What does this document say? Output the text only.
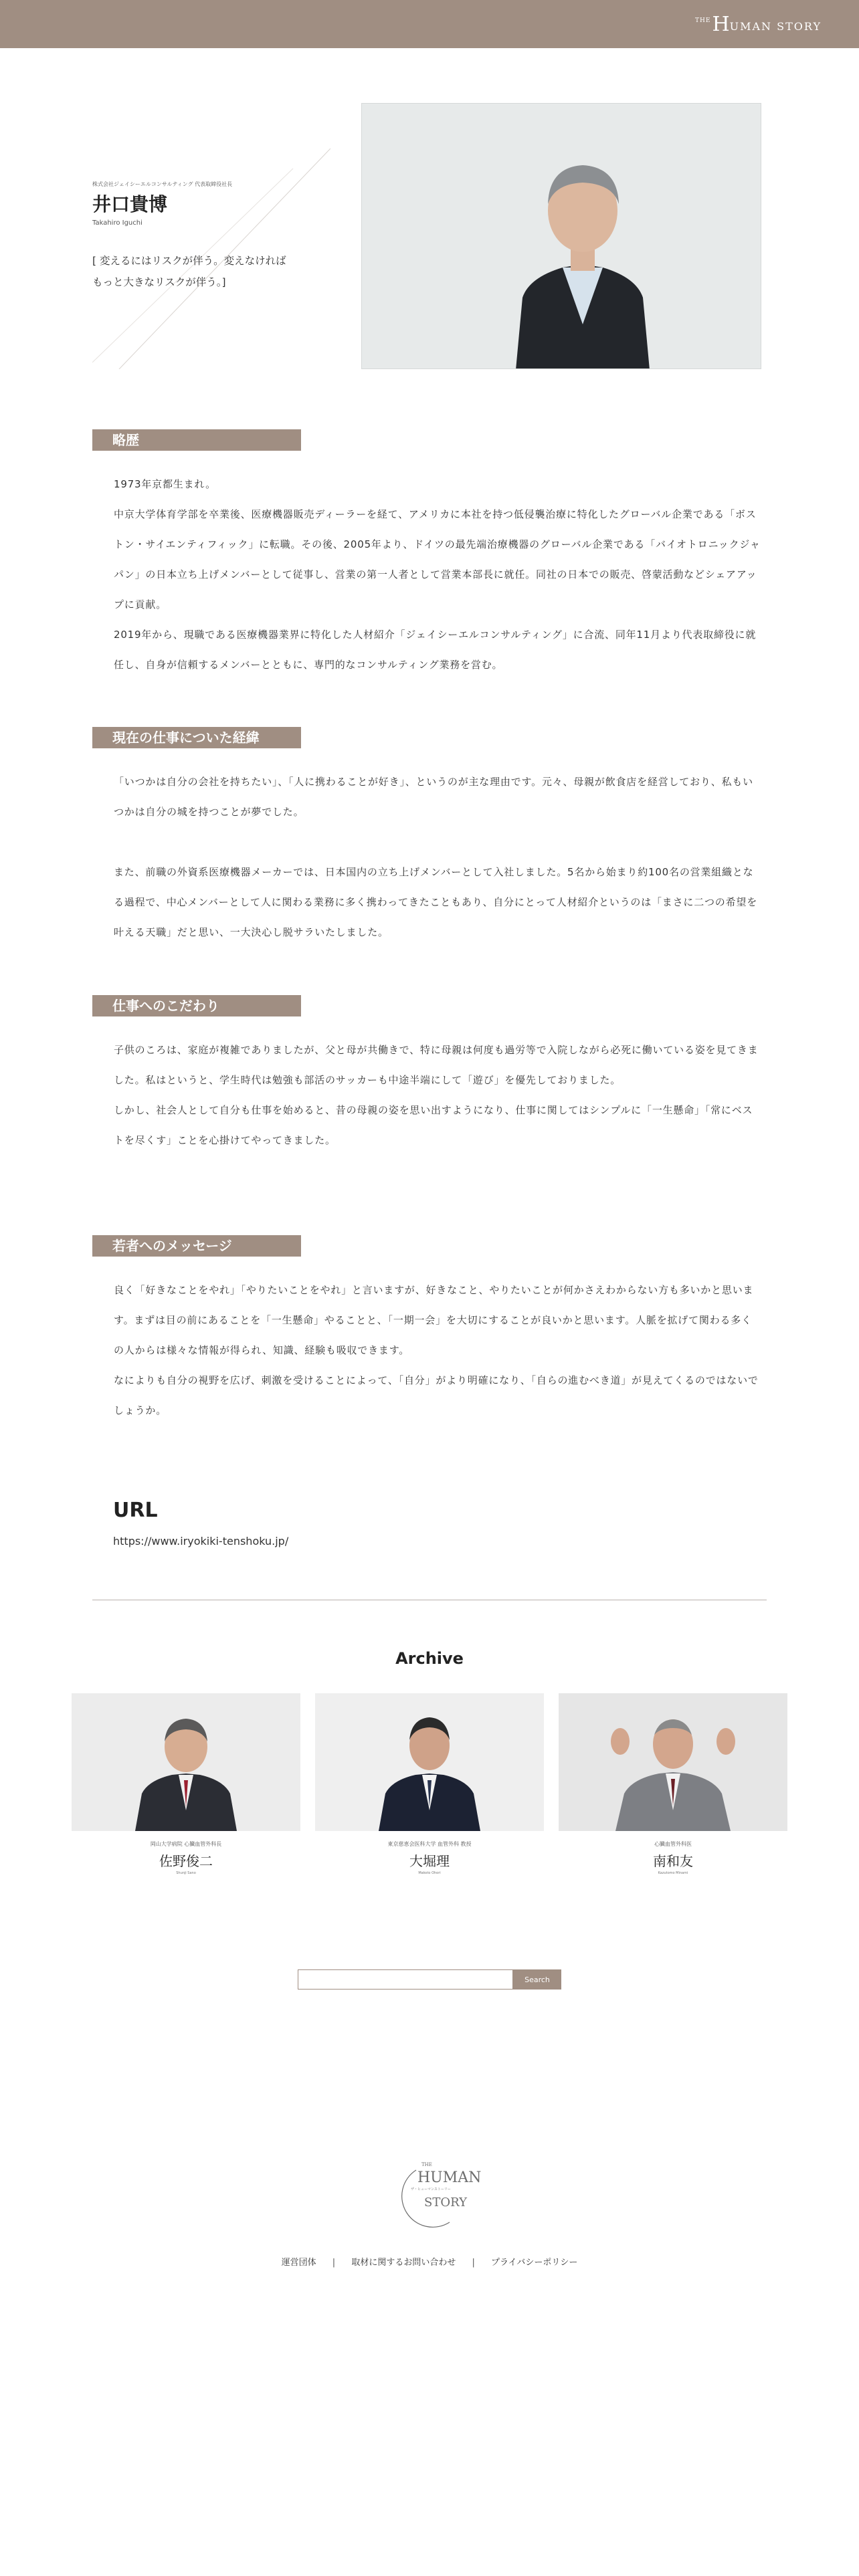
THE H UMAN STORY
株式会社ジェイシーエルコンサルティング 代表取締役社長
井口貴博
Takahiro Iguchi
[ 変えるにはリスクが伴う。変えなければ
もっと大きなリスクが伴う。]
略歴

1973年京都生まれ。

中京大学体育学部を卒業後、医療機器販売ディーラーを経て、アメリカに本社を持つ低侵襲治療に特化したグローバル企業である「ボストン・サイエンティフィック」に転職。その後、2005年より、ドイツの最先端治療機器のグローバル企業である「バイオトロニックジャパン」の日本立ち上げメンバーとして従事し、営業の第一人者として営業本部長に就任。同社の日本での販売、啓蒙活動などシェアアップに貢献。

2019年から、現職である医療機器業界に特化した人材紹介「ジェイシーエルコンサルティング」に合流、同年11月より代表取締役に就任し、自身が信頼するメンバーとともに、専門的なコンサルティング業務を営む。

現在の仕事についた経緯

「いつかは自分の会社を持ちたい」、「人に携わることが好き」、というのが主な理由です。元々、母親が飲食店を経営しており、私もいつかは自分の城を持つことが夢でした。

また、前職の外資系医療機器メーカーでは、日本国内の立ち上げメンバーとして入社しました。5名から始まり約100名の営業組織となる過程で、中心メンバーとして人に関わる業務に多く携わってきたこともあり、自分にとって人材紹介というのは「まさに二つの希望を叶える天職」だと思い、一大決心し脱サラいたしました。

仕事へのこだわり

子供のころは、家庭が複雑でありましたが、父と母が共働きで、特に母親は何度も過労等で入院しながら必死に働いている姿を見てきました。私はというと、学生時代は勉強も部活のサッカーも中途半端にして「遊び」を優先しておりました。

しかし、社会人として自分も仕事を始めると、昔の母親の姿を思い出すようになり、仕事に関してはシンプルに「一生懸命」「常にベストを尽くす」ことを心掛けてやってきました。

若者へのメッセージ

良く「好きなことをやれ」「やりたいことをやれ」と言いますが、好きなこと、やりたいことが何かさえわからない方も多いかと思います。まずは目の前にあることを「一生懸命」やることと、「一期一会」を大切にすることが良いかと思います。人脈を拡げて関わる多くの人からは様々な情報が得られ、知識、経験も吸収できます。

なによりも自分の視野を広げ、刺激を受けることによって、「自分」がより明確になり、「自らの進むべき道」が見えてくるのではないでしょうか。

URL
https://www.iryokiki-tenshoku.jp/
Archive
岡山大学病院 心臓血管外科長
佐野俊二
Shunji Sano
東京慈恵会医科大学 血管外科 教授
大堀理
Makoto Ohori
心臓血管外科医
南和友
Kazutomo Minami
Search
THE
HUMAN
ザ・ヒューマンストーリー
STORY
運営団体 | 取材に関するお問い合わせ | プライバシーポリシー
